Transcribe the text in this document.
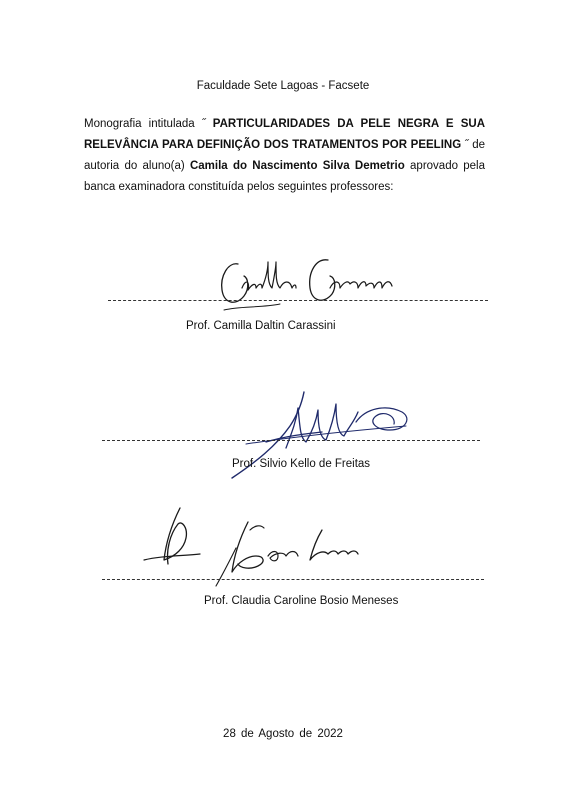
Faculdade Sete Lagoas - Facsete
Monografia intitulada ˝ PARTICULARIDADES DA PELE NEGRA E SUA RELEVÂNCIA PARA DEFINIÇÃO DOS TRATAMENTOS POR PEELING ˝ de autoria do aluno(a) Camila do Nascimento Silva Demetrio aprovado pela banca examinadora constituída pelos seguintes professores:
Prof. Camilla Daltin Carassini
Prof. Silvio Kello de Freitas
Prof. Claudia Caroline Bosio Meneses
28 de Agosto de 2022
